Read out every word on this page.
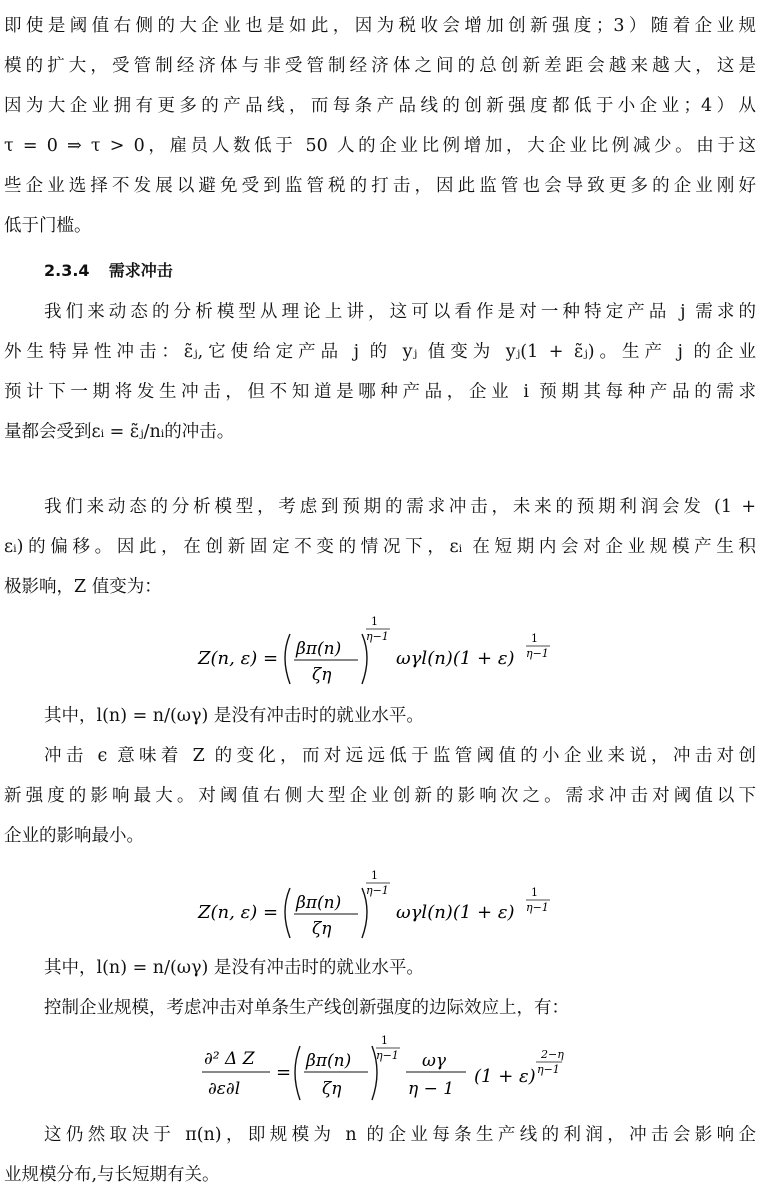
即使是阈值右侧的大企业也是如此，因为税收会增加创新强度；3）随着企业规
模的扩大，受管制经济体与非受管制经济体之间的总创新差距会越来越大，这是
因为大企业拥有更多的产品线，而每条产品线的创新强度都低于小企业；4）从
τ = 0 ⇒ τ > 0，雇员人数低于 50 人的企业比例增加，大企业比例减少。由于这
些企业选择不发展以避免受到监管税的打击，因此监管也会导致更多的企业刚好
低于门槛。
2.3.4 需求冲击
我们来动态的分析模型从理论上讲，这可以看作是对一种特定产品 j 需求的
外生特异性冲击：ε̃ⱼ,它使给定产品 j 的 yⱼ 值变为 yⱼ(1 + ε̃ⱼ)。生产 j 的企业
预计下一期将发生冲击，但不知道是哪种产品，企业 i 预期其每种产品的需求
量都会受到εᵢ = ε̃ⱼ/nᵢ的冲击。
我们来动态的分析模型，考虑到预期的需求冲击，未来的预期利润会发 (1 +
εᵢ)的偏移。因此，在创新固定不变的情况下，εᵢ 在短期内会对企业规模产生积
极影响，Z 值变为：
Z(n, ε) = βπ(n)
ζη
1
η−1
ωγl(n)(1 + ε)
1
η−1
其中，l(n) = n/(ωγ) 是没有冲击时的就业水平。
冲击 ϵ 意味着 Z 的变化，而对远远低于监管阈值的小企业来说，冲击对创
新强度的影响最大。对阈值右侧大型企业创新的影响次之。需求冲击对阈值以下
企业的影响最小。
Z(n, ε) = βπ(n)
ζη
1
η−1
ωγl(n)(1 + ε)
1
η−1
其中，l(n) = n/(ωγ) 是没有冲击时的就业水平。
控制企业规模，考虑冲击对单条生产线创新强度的边际效应上，有：
∂² Δ Z
∂ε∂l
=
βπ(n)
ζη
1
η−1 ωγ
η − 1
(1 + ε)
2−η
η−1
这仍然取决于 π(n)，即规模为 n 的企业每条生产线的利润，冲击会影响企
业规模分布,与长短期有关。
